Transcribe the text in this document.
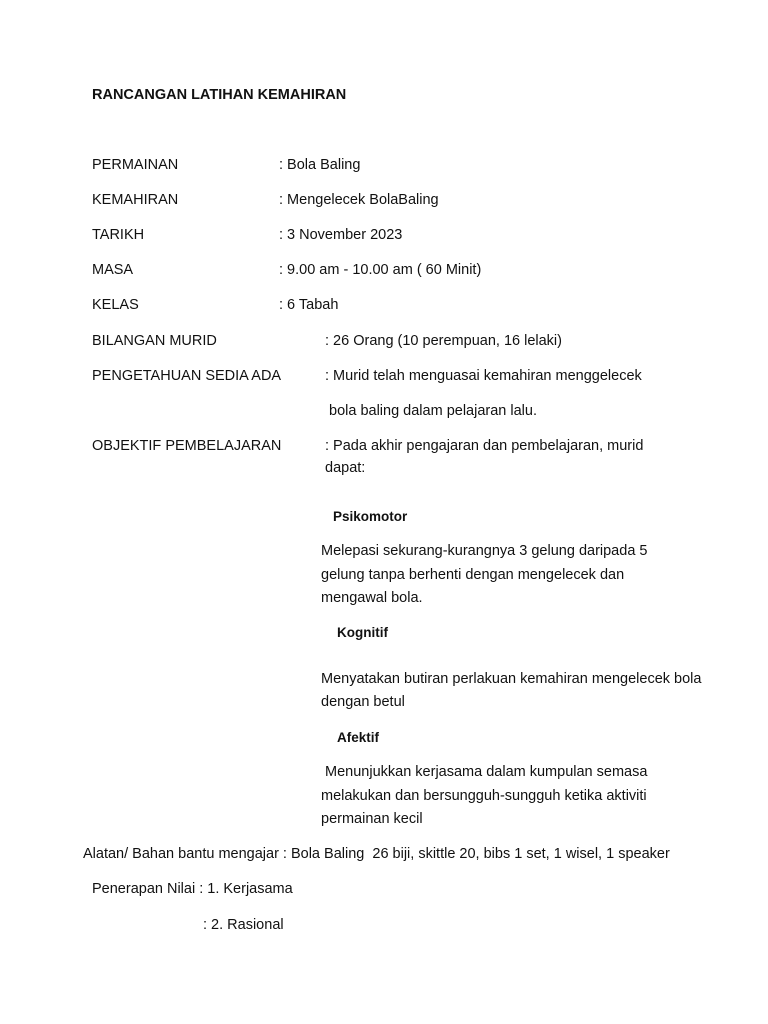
RANCANGAN LATIHAN KEMAHIRAN
PERMAINAN	: Bola Baling
KEMAHIRAN	: Mengelecek BolaBaling
TARIKH	: 3 November 2023
MASA	: 9.00 am - 10.00 am ( 60 Minit)
KELAS	: 6 Tabah
BILANGAN MURID	: 26 Orang (10 perempuan, 16 lelaki)
PENGETAHUAN SEDIA ADA	: Murid telah menguasai kemahiran menggelecek
bola baling dalam pelajaran lalu.
OBJEKTIF PEMBELAJARAN	: Pada akhir pengajaran dan pembelajaran, murid
dapat:
Psikomotor
Melepasi sekurang-kurangnya 3 gelung daripada 5
gelung tanpa berhenti dengan mengelecek dan
mengawal bola.
Kognitif
Menyatakan butiran perlakuan kemahiran mengelecek bola
dengan betul
Afektif
Menunjukkan kerjasama dalam kumpulan semasa
melakukan dan bersungguh-sungguh ketika aktiviti
permainan kecil
Alatan/ Bahan bantu mengajar : Bola Baling  26 biji, skittle 20, bibs 1 set, 1 wisel, 1 speaker
Penerapan Nilai : 1. Kerjasama
: 2. Rasional
